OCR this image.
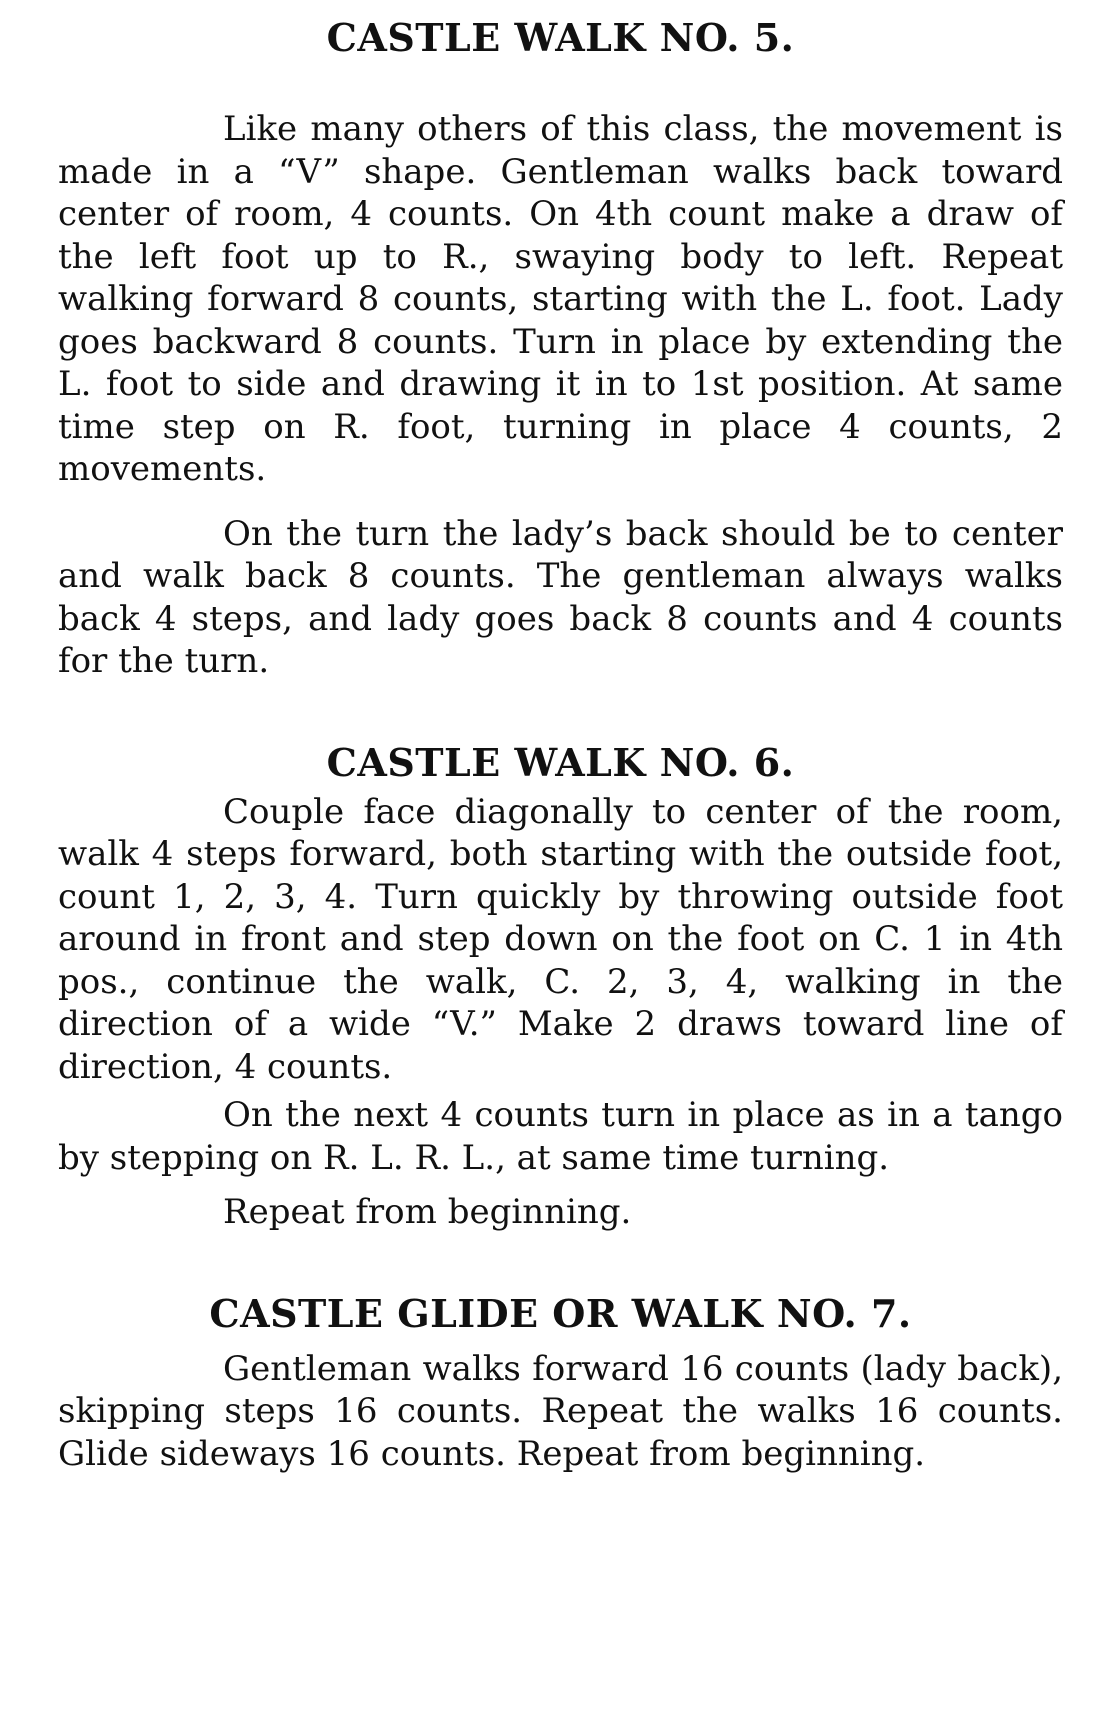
CASTLE WALK NO. 5.

Like many others of this class, the movement is made in a “V” shape. Gentleman walks back toward center of room, 4 counts. On 4th count make a draw of the left foot up to R., swaying body to left. Repeat walking forward 8 counts, starting with the L. foot. Lady goes backward 8 counts. Turn in place by extending the L. foot to side and drawing it in to 1st position. At same time step on R. foot, turning in place 4 counts, 2 movements.

On the turn the lady’s back should be to center and walk back 8 counts. The gentleman always walks back 4 steps, and lady goes back 8 counts and 4 counts for the turn.

CASTLE WALK NO. 6.

Couple face diagonally to center of the room, walk 4 steps forward, both starting with the outside foot, count 1, 2, 3, 4. Turn quickly by throwing outside foot around in front and step down on the foot on C. 1 in 4th pos., continue the walk, C. 2, 3, 4, walking in the direction of a wide “V.” Make 2 draws toward line of direction, 4 counts.

On the next 4 counts turn in place as in a tango by stepping on R. L. R. L., at same time turning.

Repeat from beginning.

CASTLE GLIDE OR WALK NO. 7.

Gentleman walks forward 16 counts (lady back), skipping steps 16 counts. Repeat the walks 16 counts. Glide sideways 16 counts. Repeat from beginning.
